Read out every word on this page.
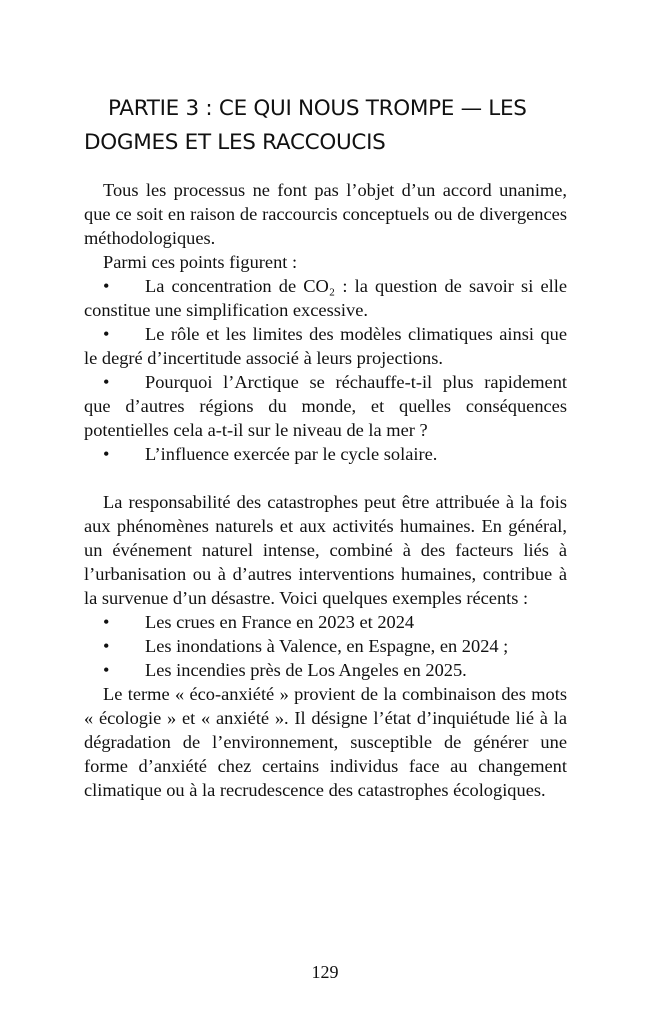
PARTIE 3 : CE QUI NOUS TROMPE — LES DOGMES ET LES RACCOUCIS

Tous les processus ne font pas l’objet d’un accord unanime, que ce soit en raison de raccourcis conceptuels ou de divergences méthodologiques.

Parmi ces points figurent :

• La concentration de CO₂ : la question de savoir si elle constitue une simplification excessive.

• Le rôle et les limites des modèles climatiques ainsi que le degré d’incertitude associé à leurs projections.

• Pourquoi l’Arctique se réchauffe-t-il plus rapidement que d’autres régions du monde, et quelles conséquences potentielles cela a-t-il sur le niveau de la mer ?

• L’influence exercée par le cycle solaire.

La responsabilité des catastrophes peut être attribuée à la fois aux phénomènes naturels et aux activités humaines. En général, un événement naturel intense, combiné à des facteurs liés à l’urbanisation ou à d’autres interventions humaines, contribue à la survenue d’un désastre. Voici quelques exemples récents :

• Les crues en France en 2023 et 2024

• Les inondations à Valence, en Espagne, en 2024 ;

• Les incendies près de Los Angeles en 2025.

Le terme « éco-anxiété » provient de la combinaison des mots « écologie » et « anxiété ». Il désigne l’état d’inquiétude lié à la dégradation de l’environnement, susceptible de générer une forme d’anxiété chez certains individus face au changement climatique ou à la recrudescence des catastrophes écologiques.

129
